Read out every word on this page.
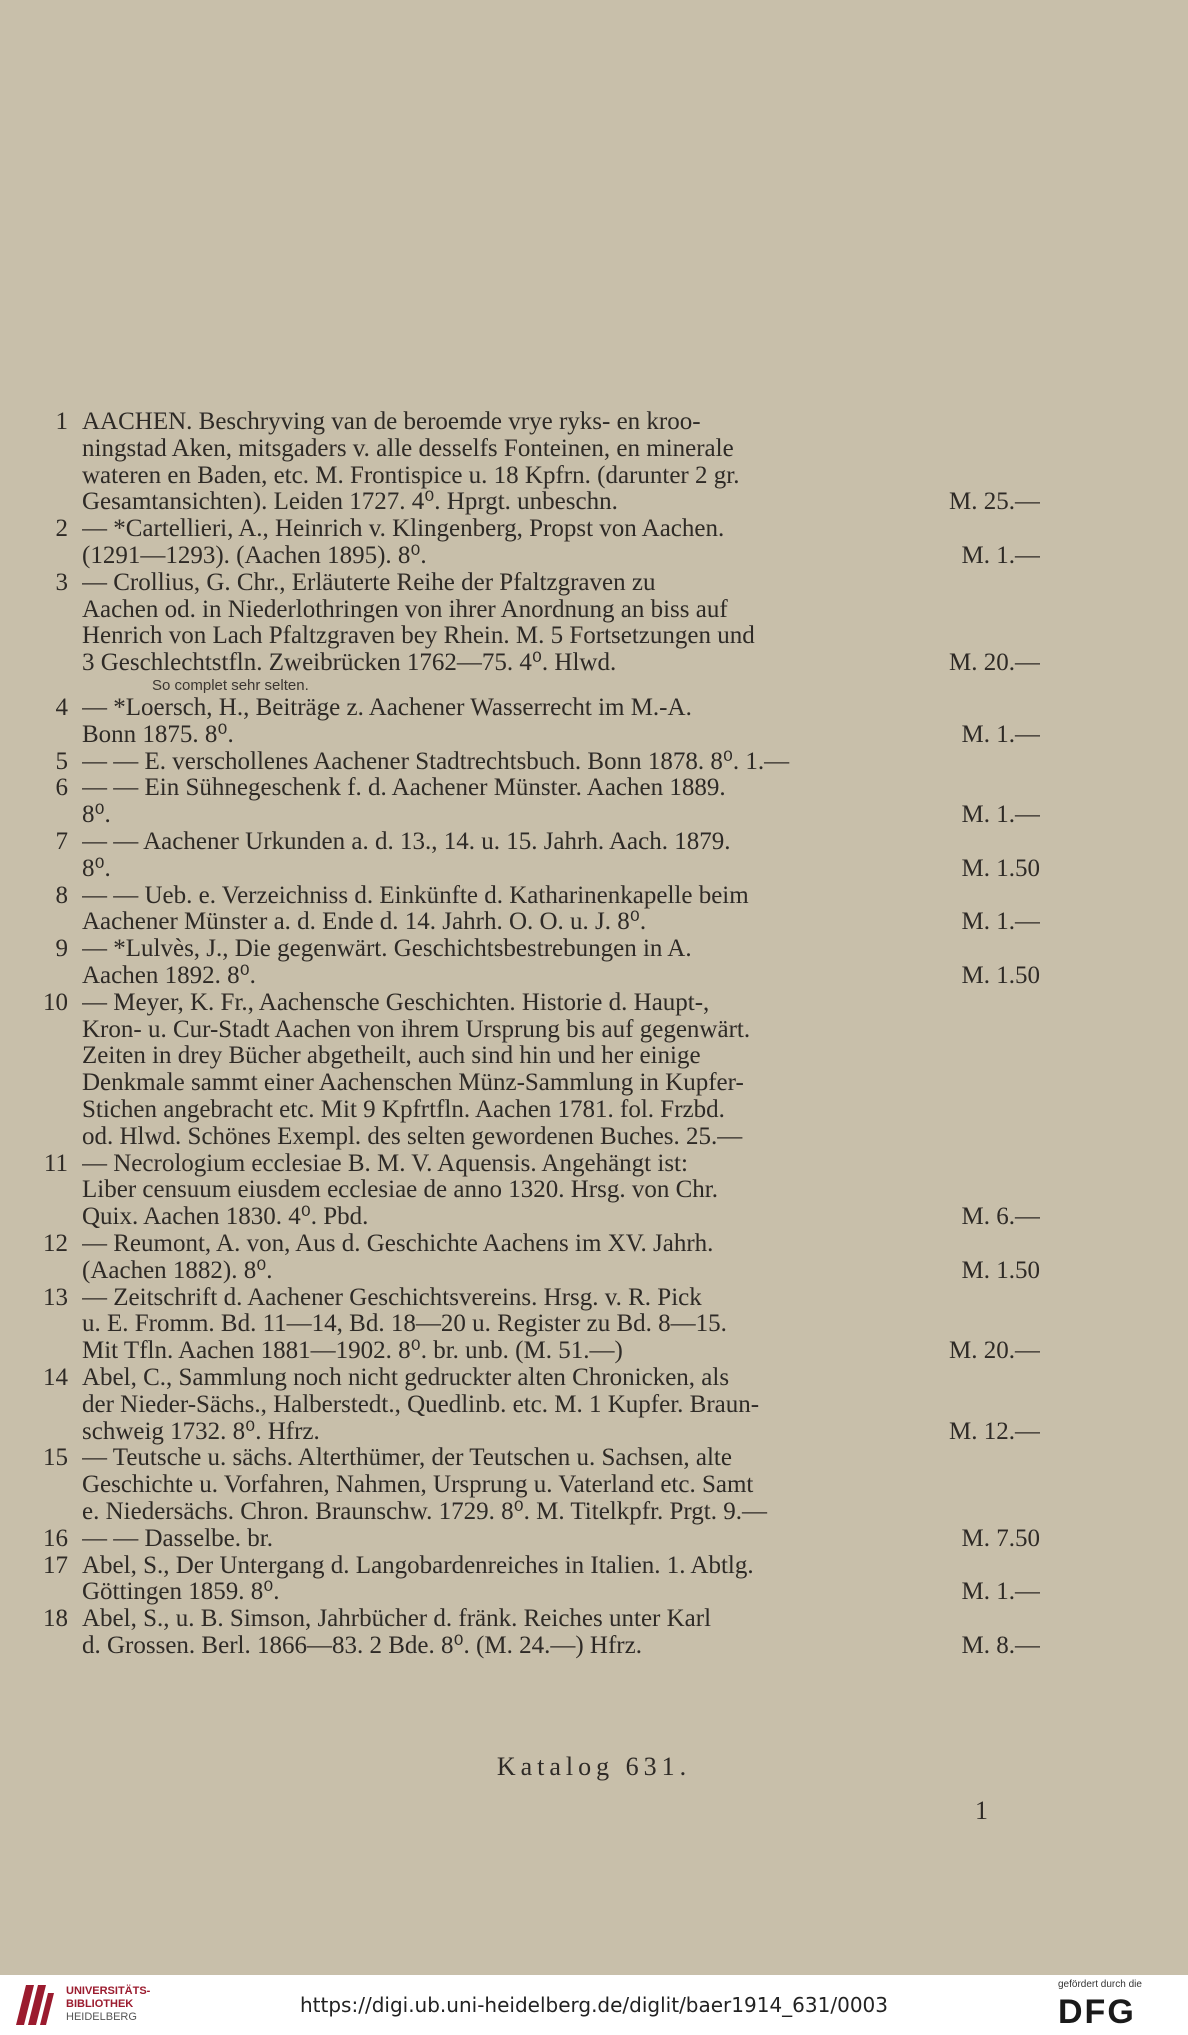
1 AACHEN. Beschryving van de beroemde vrye ryks- en kroo-
ningstad Aken, mitsgaders v. alle desselfs Fonteinen, en minerale
wateren en Baden, etc. M. Frontispice u. 18 Kpfrn. (darunter 2 gr.
Gesamtansichten). Leiden 1727. 4⁰. Hprgt. unbeschn.	M. 25.—
2 — *Cartellieri, A., Heinrich v. Klingenberg, Propst von Aachen.
(1291—1293). (Aachen 1895). 8⁰.	M. 1.—
3 — Crollius, G. Chr., Erläuterte Reihe der Pfaltzgraven zu
Aachen od. in Niederlothringen von ihrer Anordnung an biss auf
Henrich von Lach Pfaltzgraven bey Rhein. M. 5 Fortsetzungen und
3 Geschlechtstfln. Zweibrücken 1762—75. 4⁰. Hlwd.	M. 20.—
So complet sehr selten.
4 — *Loersch, H., Beiträge z. Aachener Wasserrecht im M.-A.
Bonn 1875. 8⁰.	M. 1.—
5 — — E. verschollenes Aachener Stadtrechtsbuch. Bonn 1878. 8⁰. 1.—
6 — — Ein Sühnegeschenk f. d. Aachener Münster. Aachen 1889.
8⁰.	M. 1.—
7 — — Aachener Urkunden a. d. 13., 14. u. 15. Jahrh. Aach. 1879.
8⁰.	M. 1.50
8 — — Ueb. e. Verzeichniss d. Einkünfte d. Katharinenkapelle beim
Aachener Münster a. d. Ende d. 14. Jahrh. O. O. u. J. 8⁰.	M. 1.—
9 — *Lulvès, J., Die gegenwärt. Geschichtsbestrebungen in A.
Aachen 1892. 8⁰.	M. 1.50
10 — Meyer, K. Fr., Aachensche Geschichten. Historie d. Haupt-,
Kron- u. Cur-Stadt Aachen von ihrem Ursprung bis auf gegenwärt.
Zeiten in drey Bücher abgetheilt, auch sind hin und her einige
Denkmale sammt einer Aachenschen Münz-Sammlung in Kupfer-
Stichen angebracht etc. Mit 9 Kpfrtfln. Aachen 1781. fol. Frzbd.
od. Hlwd. Schönes Exempl. des selten gewordenen Buches. 25.—
11 — Necrologium ecclesiae B. M. V. Aquensis. Angehängt ist:
Liber censuum eiusdem ecclesiae de anno 1320. Hrsg. von Chr.
Quix. Aachen 1830. 4⁰. Pbd.	M. 6.—
12 — Reumont, A. von, Aus d. Geschichte Aachens im XV. Jahrh.
(Aachen 1882). 8⁰.	M. 1.50
13 — Zeitschrift d. Aachener Geschichtsvereins. Hrsg. v. R. Pick
u. E. Fromm. Bd. 11—14, Bd. 18—20 u. Register zu Bd. 8—15.
Mit Tfln. Aachen 1881—1902. 8⁰. br. unb. (M. 51.—)	M. 20.—
14 Abel, C., Sammlung noch nicht gedruckter alten Chronicken, als
der Nieder-Sächs., Halberstedt., Quedlinb. etc. M. 1 Kupfer. Braun-
schweig 1732. 8⁰. Hfrz.	M. 12.—
15 — Teutsche u. sächs. Alterthümer, der Teutschen u. Sachsen, alte
Geschichte u. Vorfahren, Nahmen, Ursprung u. Vaterland etc. Samt
e. Niedersächs. Chron. Braunschw. 1729. 8⁰. M. Titelkpfr. Prgt. 9.—
16 — — Dasselbe. br.	M. 7.50
17 Abel, S., Der Untergang d. Langobardenreiches in Italien. 1. Abtlg.
Göttingen 1859. 8⁰.	M. 1.—
18 Abel, S., u. B. Simson, Jahrbücher d. fränk. Reiches unter Karl
d. Grossen. Berl. 1866—83. 2 Bde. 8⁰. (M. 24.—) Hfrz.	M. 8.—
Katalog 631.
1
UNIVERSITÄTS-
BIBLIOTHEK
HEIDELBERG	https://digi.ub.uni-heidelberg.de/diglit/baer1914_631/0003
gefördert durch die
DFG
